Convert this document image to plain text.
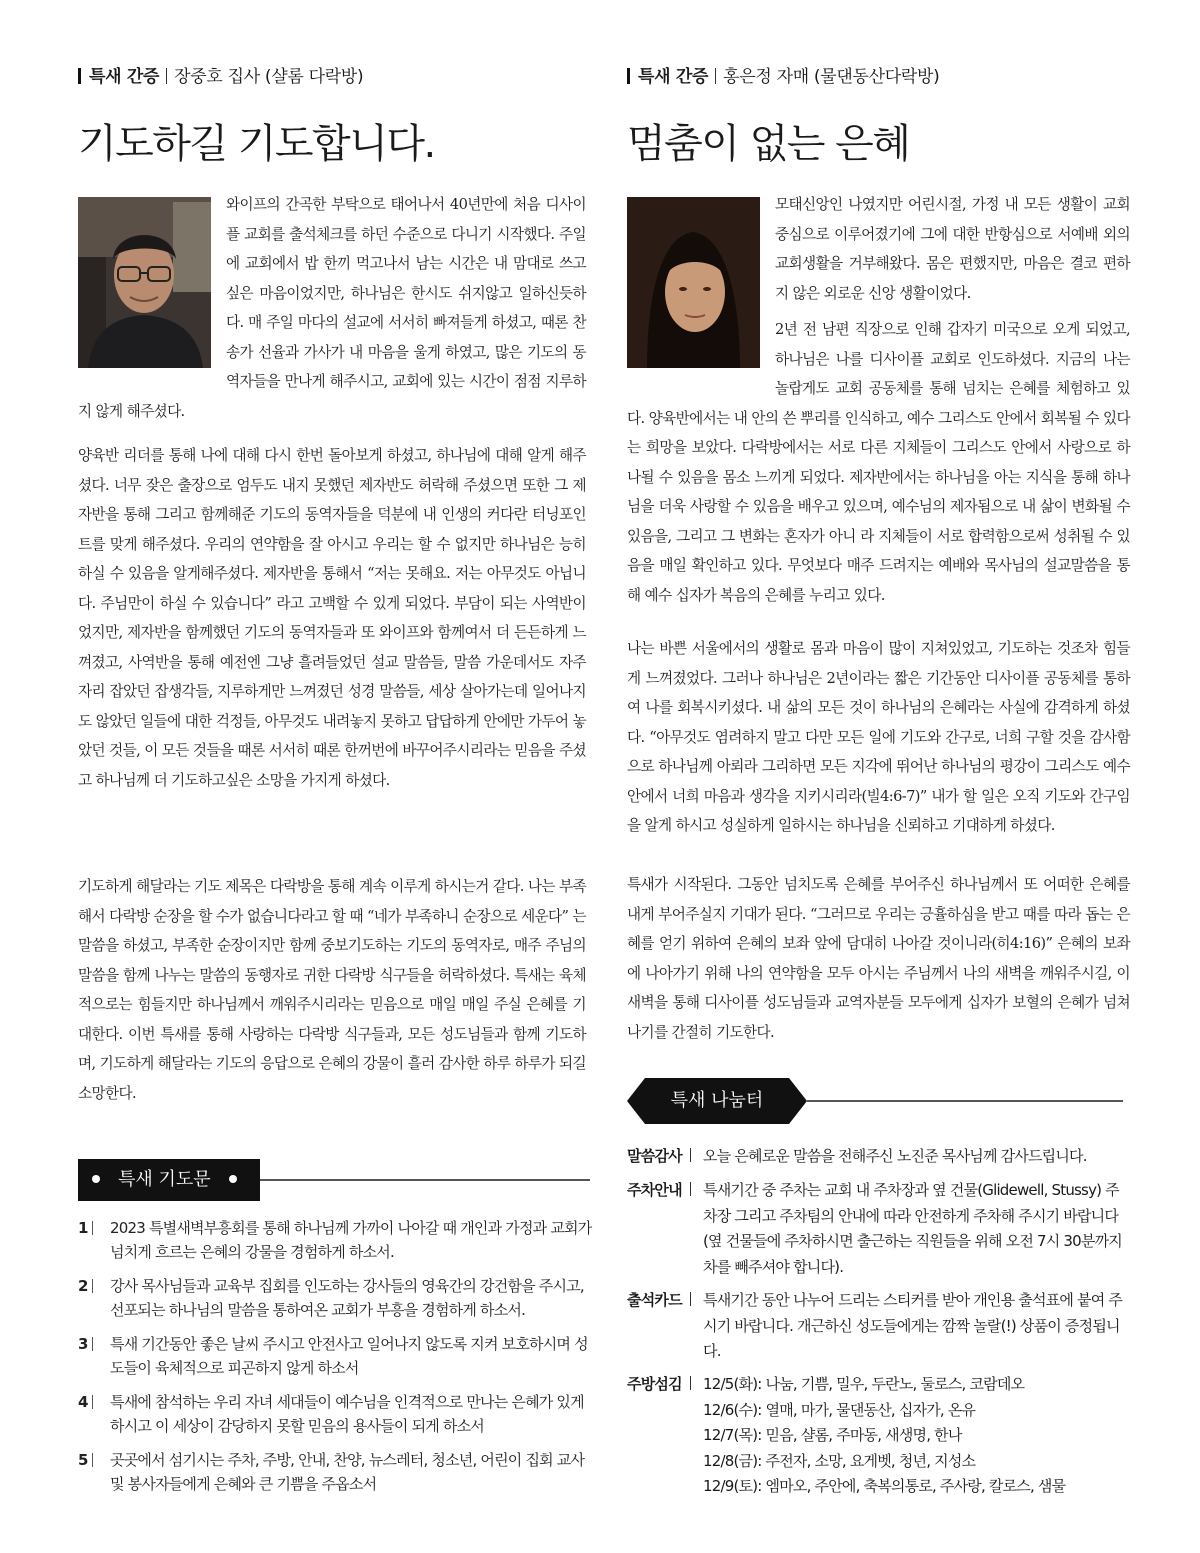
특새 간증 장중호 집사 (샬롬 다락방)
기도하길 기도합니다.

와이프의 간곡한 부탁으로 태어나서 40년만에 처음 디사이플 교회를 출석체크를 하던 수준으로 다니기 시작했다. 주일에 교회에서 밥 한끼 먹고나서 남는 시간은 내 맘대로 쓰고 싶은 마음이었지만, 하나님은 한시도 쉬지않고 일하신듯하다. 매 주일 마다의 설교에 서서히 빠져들게 하셨고, 때론 찬송가 선율과 가사가 내 마음을 울게 하였고, 많은 기도의 동역자들을 만나게 해주시고, 교회에 있는 시간이 점점 지루하지 않게 해주셨다.

양육반 리더를 통해 나에 대해 다시 한번 돌아보게 하셨고, 하나님에 대해 알게 해주셨다. 너무 잦은 출장으로 엄두도 내지 못했던 제자반도 허락해 주셨으면 또한 그 제자반을 통해 그리고 함께해준 기도의 동역자들을 덕분에 내 인생의 커다란 터닝포인트를 맞게 해주셨다. 우리의 연약함을 잘 아시고 우리는 할 수 없지만 하나님은 능히 하실 수 있음을 알게해주셨다. 제자반을 통해서 “저는 못해요. 저는 아무것도 아닙니다. 주님만이 하실 수 있습니다” 라고 고백할 수 있게 되었다. 부담이 되는 사역반이었지만, 제자반을 함께했던 기도의 동역자들과 또 와이프와 함께여서 더 든든하게 느껴졌고, 사역반을 통해 예전엔 그냥 흘려들었던 설교 말씀들, 말씀 가운데서도 자주 자리 잡았던 잡생각들, 지루하게만 느껴졌던 성경 말씀들, 세상 살아가는데 일어나지도 않았던 일들에 대한 걱정들, 아무것도 내려놓지 못하고 답답하게 안에만 가두어 놓았던 것들, 이 모든 것들을 때론 서서히 때론 한꺼번에 바꾸어주시리라는 믿음을 주셨고 하나님께 더 기도하고싶은 소망을 가지게 하셨다.

기도하게 해달라는 기도 제목은 다락방을 통해 계속 이루게 하시는거 같다. 나는 부족해서 다락방 순장을 할 수가 없습니다라고 할 때 “네가 부족하니 순장으로 세운다” 는 말씀을 하셨고, 부족한 순장이지만 함께 중보기도하는 기도의 동역자로, 매주 주님의 말씀을 함께 나누는 말씀의 동행자로 귀한 다락방 식구들을 허락하셨다. 특새는 육체적으로는 힘들지만 하나님께서 깨워주시리라는 믿음으로 매일 매일 주실 은혜를 기대한다. 이번 특새를 통해 사랑하는 다락방 식구들과, 모든 성도님들과 함께 기도하며, 기도하게 해달라는 기도의 응답으로 은혜의 강물이 흘러 감사한 하루 하루가 되길 소망한다.

특새 기도문
1 2023 특별새벽부흥회를 통해 하나님께 가까이 나아갈 때 개인과 가정과 교회가 넘치게 흐르는 은혜의 강물을 경험하게 하소서.
2 강사 목사님들과 교육부 집회를 인도하는 강사들의 영육간의 강건함을 주시고, 선포되는 하나님의 말씀을 통하여온 교회가 부흥을 경험하게 하소서.
3 특새 기간동안 좋은 날씨 주시고 안전사고 일어나지 않도록 지켜 보호하시며 성도들이 육체적으로 피곤하지 않게 하소서
4 특새에 참석하는 우리 자녀 세대들이 예수님을 인격적으로 만나는 은혜가 있게 하시고 이 세상이 감당하지 못할 믿음의 용사들이 되게 하소서
5 곳곳에서 섬기시는 주차, 주방, 안내, 찬양, 뉴스레터, 청소년, 어린이 집회 교사 및 봉사자들에게 은혜와 큰 기쁨을 주옵소서
특새 간증 홍은정 자매 (물댄동산다락방)
멈춤이 없는 은혜

모태신앙인 나였지만 어린시절, 가정 내 모든 생활이 교회중심으로 이루어졌기에 그에 대한 반항심으로 서예배 외의 교회생활을 거부해왔다. 몸은 편했지만, 마음은 결코 편하지 않은 외로운 신앙 생활이었다.

2년 전 남편 직장으로 인해 갑자기 미국으로 오게 되었고, 하나님은 나를 디사이플 교회로 인도하셨다. 지금의 나는 놀랍게도 교회 공동체를 통해 넘치는 은혜를 체험하고 있다. 양육반에서는 내 안의 쓴 뿌리를 인식하고, 예수 그리스도 안에서 회복될 수 있다는 희망을 보았다. 다락방에서는 서로 다른 지체들이 그리스도 안에서 사랑으로 하나될 수 있음을 몸소 느끼게 되었다. 제자반에서는 하나님을 아는 지식을 통해 하나님을 더욱 사랑할 수 있음을 배우고 있으며, 예수님의 제자됨으로 내 삶이 변화될 수 있음을, 그리고 그 변화는 혼자가 아니 라 지체들이 서로 합력함으로써 성취될 수 있음을 매일 확인하고 있다. 무엇보다 매주 드려지는 예배와 목사님의 설교말씀을 통해 예수 십자가 복음의 은혜를 누리고 있다.

나는 바쁜 서울에서의 생활로 몸과 마음이 많이 지쳐있었고, 기도하는 것조차 힘들게 느껴졌었다. 그러나 하나님은 2년이라는 짧은 기간동안 디사이플 공동체를 통하여 나를 회복시키셨다. 내 삶의 모든 것이 하나님의 은혜라는 사실에 감격하게 하셨다. “아무것도 염려하지 말고 다만 모든 일에 기도와 간구로, 너희 구할 것을 감사함으로 하나님께 아뢰라 그리하면 모든 지각에 뛰어난 하나님의 평강이 그리스도 예수 안에서 너희 마음과 생각을 지키시리라(빌4:6-7)” 내가 할 일은 오직 기도와 간구임을 알게 하시고 성실하게 일하시는 하나님을 신뢰하고 기대하게 하셨다.

특새가 시작된다. 그동안 넘치도록 은혜를 부어주신 하나님께서 또 어떠한 은혜를 내게 부어주실지 기대가 된다. “그러므로 우리는 긍휼하심을 받고 때를 따라 돕는 은혜를 얻기 위하여 은혜의 보좌 앞에 담대히 나아갈 것이니라(히4:16)” 은혜의 보좌에 나아가기 위해 나의 연약함을 모두 아시는 주님께서 나의 새벽을 깨워주시길, 이 새벽을 통해 디사이플 성도님들과 교역자분들 모두에게 십자가 보혈의 은혜가 넘쳐나기를 간절히 기도한다.

특새 나눔터
말씀감사	오늘 은혜로운 말씀을 전해주신 노진준 목사님께 감사드립니다.
주차안내	특새기간 중 주차는 교회 내 주차장과 옆 건물(Glidewell, Stussy) 주차장 그리고 주차팀의 안내에 따라 안전하게 주차해 주시기 바랍니다 (옆 건물들에 주차하시면 출근하는 직원들을 위해 오전 7시 30분까지 차를 빼주셔야 합니다).
출석카드	특새기간 동안 나누어 드리는 스티커를 받아 개인용 출석표에 붙여 주시기 바랍니다. 개근하신 성도들에게는 깜짝 놀랄(!) 상품이 증정됩니다.
주방섬김	12/5(화): 나눔, 기쁨, 밀우, 두란노, 둘로스, 코람데오
12/6(수): 열매, 마가, 물댄동산, 십자가, 온유
12/7(목): 믿음, 샬롬, 주마동, 새생명, 한나
12/8(금): 주전자, 소망, 요게벳, 청년, 지성소
12/9(토): 엠마오, 주안에, 축복의통로, 주사랑, 칼로스, 샘물
